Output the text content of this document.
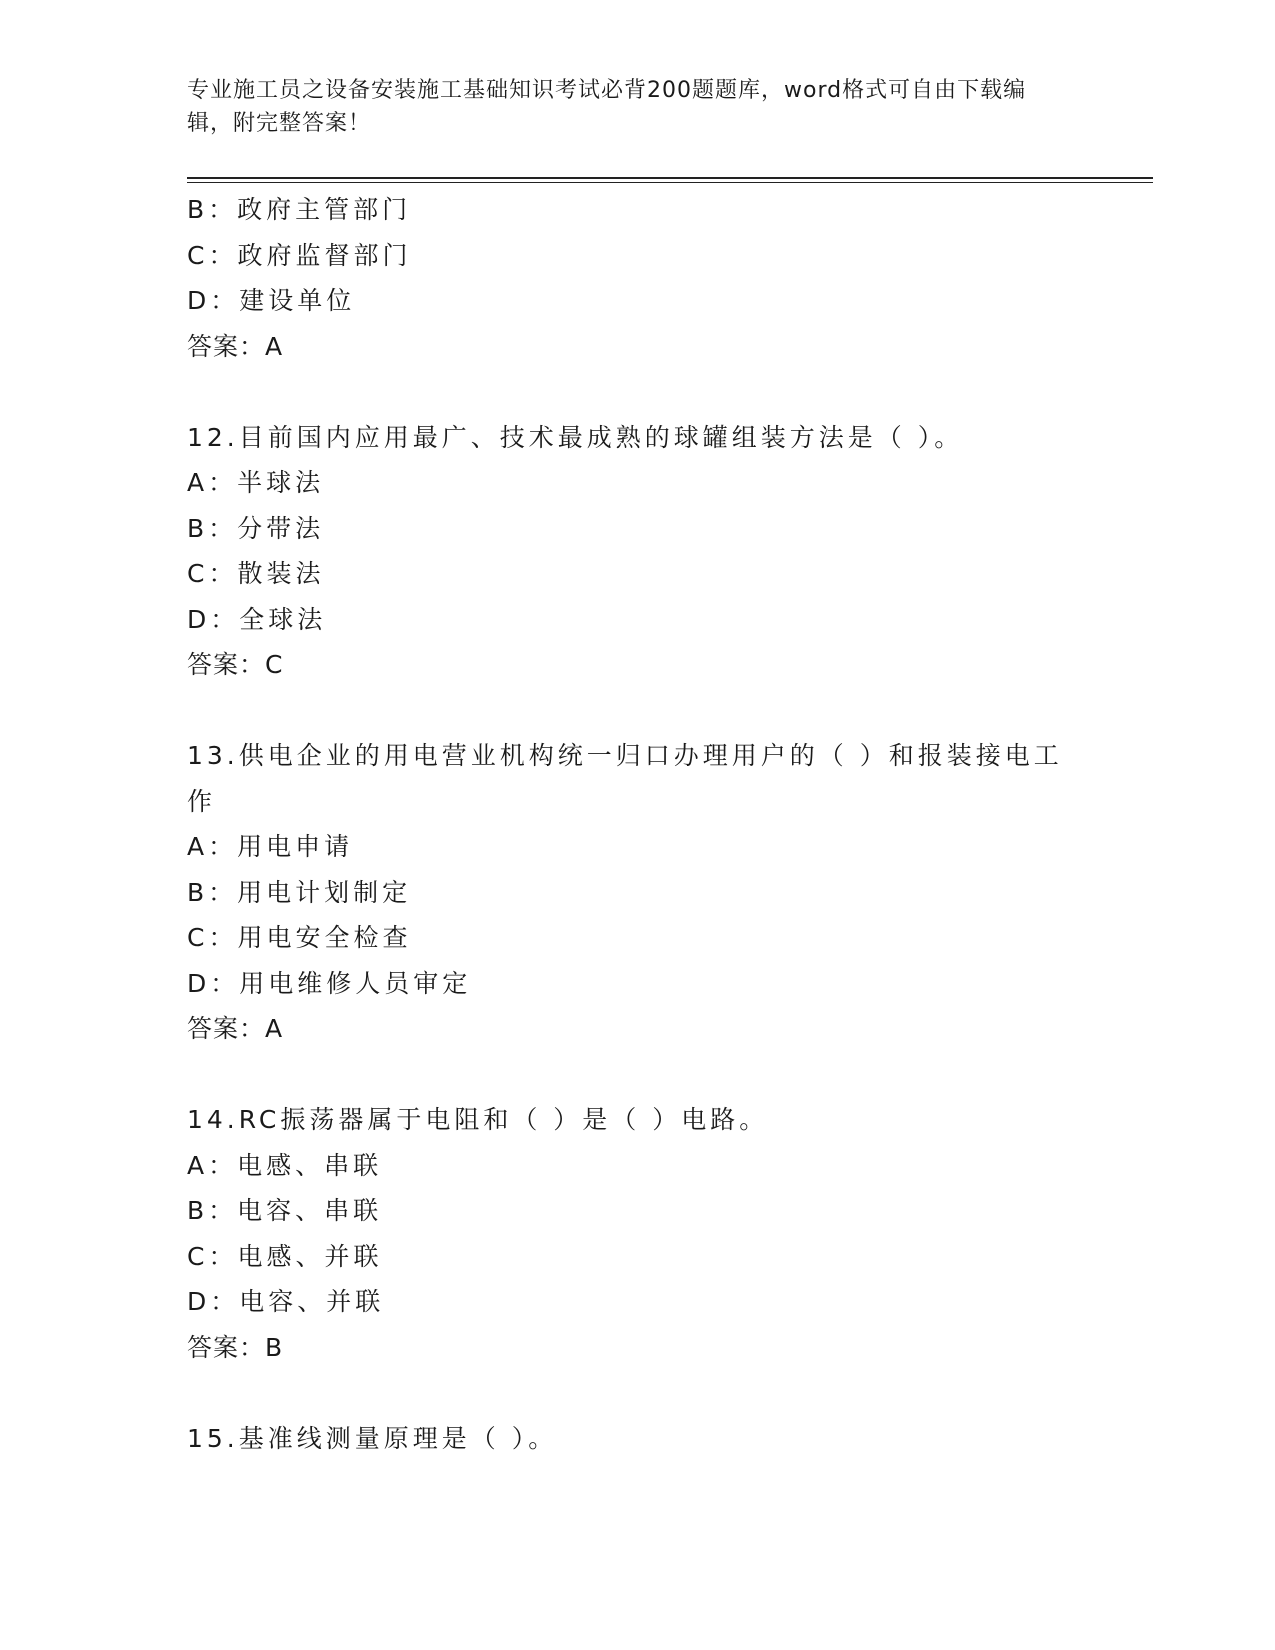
专业施工员之设备安装施工基础知识考试必背200题题库，word格式可自由下载编辑，附完整答案！
B：政府主管部门
C：政府监督部门
D：建设单位
答案：A
12.目前国内应用最广、技术最成熟的球罐组装方法是（ ）。
A：半球法
B：分带法
C：散装法
D：全球法
答案：C
13.供电企业的用电营业机构统一归口办理用户的（ ）和报装接电工作
A：用电申请
B：用电计划制定
C：用电安全检查
D：用电维修人员审定
答案：A
14.RC振荡器属于电阻和（ ）是（ ）电路。
A：电感、串联
B：电容、串联
C：电感、并联
D：电容、并联
答案：B
15.基准线测量原理是（ ）。
